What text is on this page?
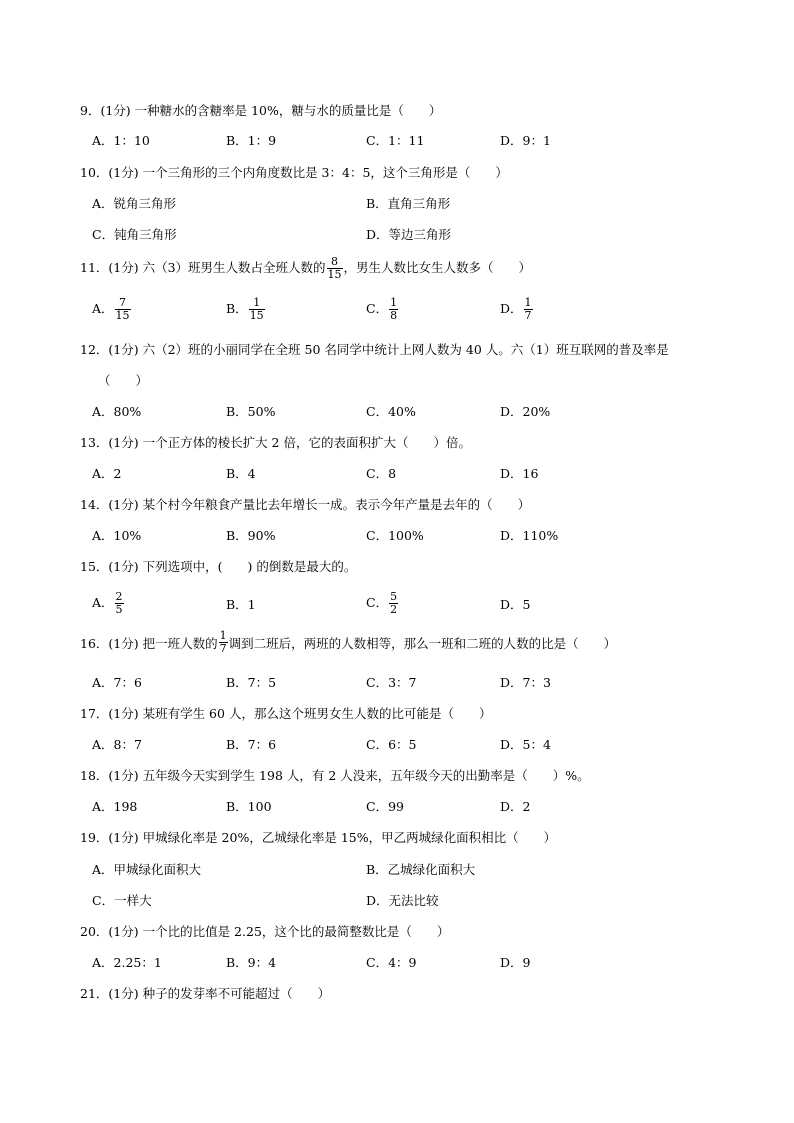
9．(1分) 一种糖水的含糖率是 10%，糖与水的质量比是（　　）
A．1：10	B．1：9	C．1：11	D．9：1
10．(1分) 一个三角形的三个内角度数比是 3：4：5，这个三角形是（　　）
A．锐角三角形	B．直角三角形
C．钝角三角形	D．等边三角形
11．(1分) 六（3）班男生人数占全班人数的 $\frac{8}{15}$ ，男生人数比女生人数多（　　）
A． $\frac{7}{15}$	B． $\frac{1}{15}$	C． $\frac{1}{8}$	D． $\frac{1}{7}$
12．(1分) 六（2）班的小丽同学在全班 50 名同学中统计上网人数为 40 人。六（1）班互联网的普及率是
（　　）
A．80%	B．50%	C．40%	D．20%
13．(1分) 一个正方体的棱长扩大 2 倍，它的表面积扩大（　　）倍。
A．2	B．4	C．8	D．16
14．(1分) 某个村今年粮食产量比去年增长一成。表示今年产量是去年的（　　）
A．10%	B．90%	C．100%	D．110%
15．(1分) 下列选项中，(　　) 的倒数是最大的。
A． $\frac{2}{5}$	B．1	C． $\frac{5}{2}$	D．5
16．(1分) 把一班人数的 $\frac{1}{7}$ 调到二班后，两班的人数相等，那么一班和二班的人数的比是（　　）
A．7：6	B．7：5	C．3：7	D．7：3
17．(1分) 某班有学生 60 人，那么这个班男女生人数的比可能是（　　）
A．8：7	B．7：6	C．6：5	D．5：4
18．(1分) 五年级今天实到学生 198 人，有 2 人没来，五年级今天的出勤率是（　　）%。
A．198	B．100	C．99	D．2
19．(1分) 甲城绿化率是 20%，乙城绿化率是 15%，甲乙两城绿化面积相比（　　）
A．甲城绿化面积大	B．乙城绿化面积大
C．一样大	D．无法比较
20．(1分) 一个比的比值是 2.25，这个比的最简整数比是（　　）
A．2.25：1	B．9：4	C．4：9	D．9
21．(1分) 种子的发芽率不可能超过（　　）
